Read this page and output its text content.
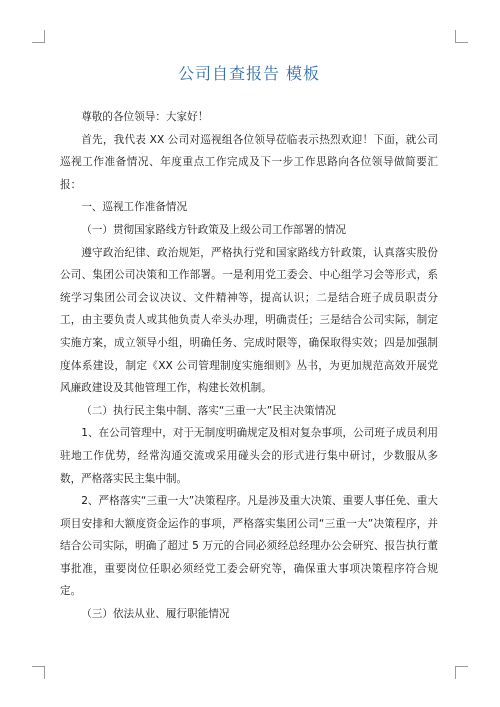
公司自查报告 模板

尊敬的各位领导：大家好！

首先，我代表 XX 公司对巡视组各位领导莅临表示热烈欢迎！下面，就公司巡视工作准备情况、年度重点工作完成及下一步工作思路向各位领导做简要汇报：

一、巡视工作准备情况

（一）贯彻国家路线方针政策及上级公司工作部署的情况

遵守政治纪律、政治规矩，严格执行党和国家路线方针政策，认真落实股份公司、集团公司决策和工作部署。一是利用党工委会、中心组学习会等形式，系统学习集团公司会议决议、文件精神等，提高认识；二是结合班子成员职责分工，由主要负责人或其他负责人牵头办理，明确责任；三是结合公司实际，制定实施方案，成立领导小组，明确任务、完成时限等，确保取得实效；四是加强制度体系建设，制定《XX 公司管理制度实施细则》丛书，为更加规范高效开展党风廉政建设及其他管理工作，构建长效机制。

（二）执行民主集中制、落实“三重一大”民主决策情况

1、在公司管理中，对于无制度明确规定及相对复杂事项，公司班子成员利用驻地工作优势，经常沟通交流或采用碰头会的形式进行集中研讨，少数服从多数，严格落实民主集中制。

2、严格落实“三重一大”决策程序。凡是涉及重大决策、重要人事任免、重大项目安排和大额度资金运作的事项，严格落实集团公司“三重一大”决策程序，并结合公司实际，明确了超过 5 万元的合同必须经总经理办公会研究、报告执行董事批准，重要岗位任职必须经党工委会研究等，确保重大事项决策程序符合规定。

（三）依法从业、履行职能情况
